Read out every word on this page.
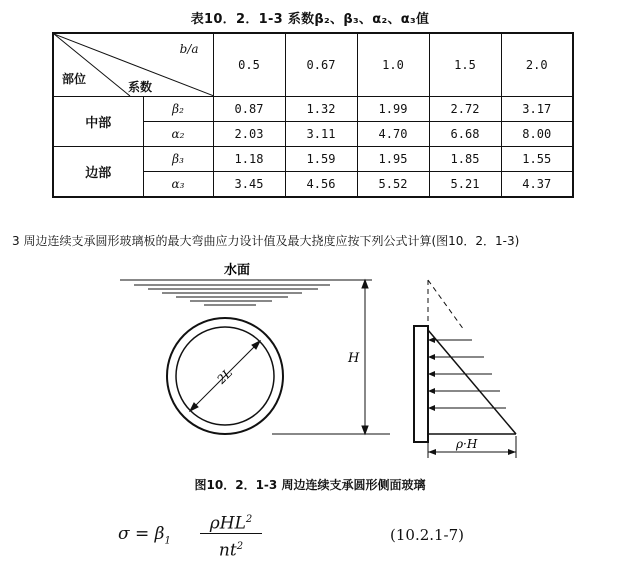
表10．2．1-3 系数β₂、β₃、α₂、α₃值
b/a
部位
系数		0.5	0.67	1.0	1.5	2.0
中部	β₂	0.87	1.32	1.99	2.72	3.17
	α₂	2.03	3.11	4.70	6.68	8.00
边部	β₃	1.18	1.59	1.95	1.85	1.55
	α₃	3.45	4.56	5.52	5.21	4.37
3 周边连续支承圆形玻璃板的最大弯曲应力设计值及最大挠度应按下列公式计算(图10．2．1-3)
水面
2L
H
ρ·H
图10．2．1-3 周边连续支承圆形侧面玻璃
$\sigma = \beta_1$
ρHL$^2$
$nt^2$
(10.2.1-7)
